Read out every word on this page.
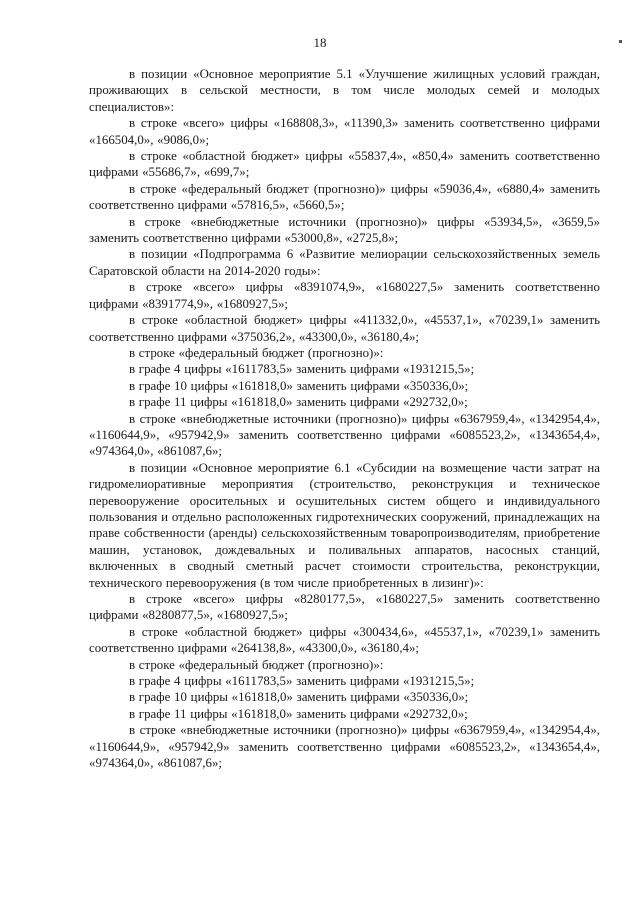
18

в позиции «Основное мероприятие 5.1 «Улучшение жилищных условий граждан, проживающих в сельской местности, в том числе молодых семей и молодых специалистов»:

в строке «всего» цифры «168808,3», «11390,3» заменить соответственно цифрами «166504,0», «9086,0»;

в строке «областной бюджет» цифры «55837,4», «850,4» заменить соответственно цифрами «55686,7», «699,7»;

в строке «федеральный бюджет (прогнозно)» цифры «59036,4», «6880,4» заменить соответственно цифрами «57816,5», «5660,5»;

в строке «внебюджетные источники (прогнозно)» цифры «53934,5», «3659,5» заменить соответственно цифрами «53000,8», «2725,8»;

в позиции «Подпрограмма 6 «Развитие мелиорации сельскохозяйственных земель Саратовской области на 2014-2020 годы»:

в строке «всего» цифры «8391074,9», «1680227,5» заменить соответственно цифрами «8391774,9», «1680927,5»;

в строке «областной бюджет» цифры «411332,0», «45537,1», «70239,1» заменить соответственно цифрами «375036,2», «43300,0», «36180,4»;

в строке «федеральный бюджет (прогнозно)»:

в графе 4 цифры «1611783,5» заменить цифрами «1931215,5»;

в графе 10 цифры «161818,0» заменить цифрами «350336,0»;

в графе 11 цифры «161818,0» заменить цифрами «292732,0»;

в строке «внебюджетные источники (прогнозно)» цифры «6367959,4», «1342954,4», «1160644,9», «957942,9» заменить соответственно цифрами «6085523,2», «1343654,4», «974364,0», «861087,6»;

в позиции «Основное мероприятие 6.1 «Субсидии на возмещение части затрат на гидромелиоративные мероприятия (строительство, реконструкция и техническое перевооружение оросительных и осушительных систем общего и индивидуального пользования и отдельно расположенных гидротехнических сооружений, принадлежащих на праве собственности (аренды) сельскохозяйственным товаропроизводителям, приобретение машин, установок, дождевальных и поливальных аппаратов, насосных станций, включенных в сводный сметный расчет стоимости строительства, реконструкции, технического перевооружения (в том числе приобретенных в лизинг)»:

в строке «всего» цифры «8280177,5», «1680227,5» заменить соответственно цифрами «8280877,5», «1680927,5»;

в строке «областной бюджет» цифры «300434,6», «45537,1», «70239,1» заменить соответственно цифрами «264138,8», «43300,0», «36180,4»;

в строке «федеральный бюджет (прогнозно)»:

в графе 4 цифры «1611783,5» заменить цифрами «1931215,5»;

в графе 10 цифры «161818,0» заменить цифрами «350336,0»;

в графе 11 цифры «161818,0» заменить цифрами «292732,0»;

в строке «внебюджетные источники (прогнозно)» цифры «6367959,4», «1342954,4», «1160644,9», «957942,9» заменить соответственно цифрами «6085523,2», «1343654,4», «974364,0», «861087,6»;
